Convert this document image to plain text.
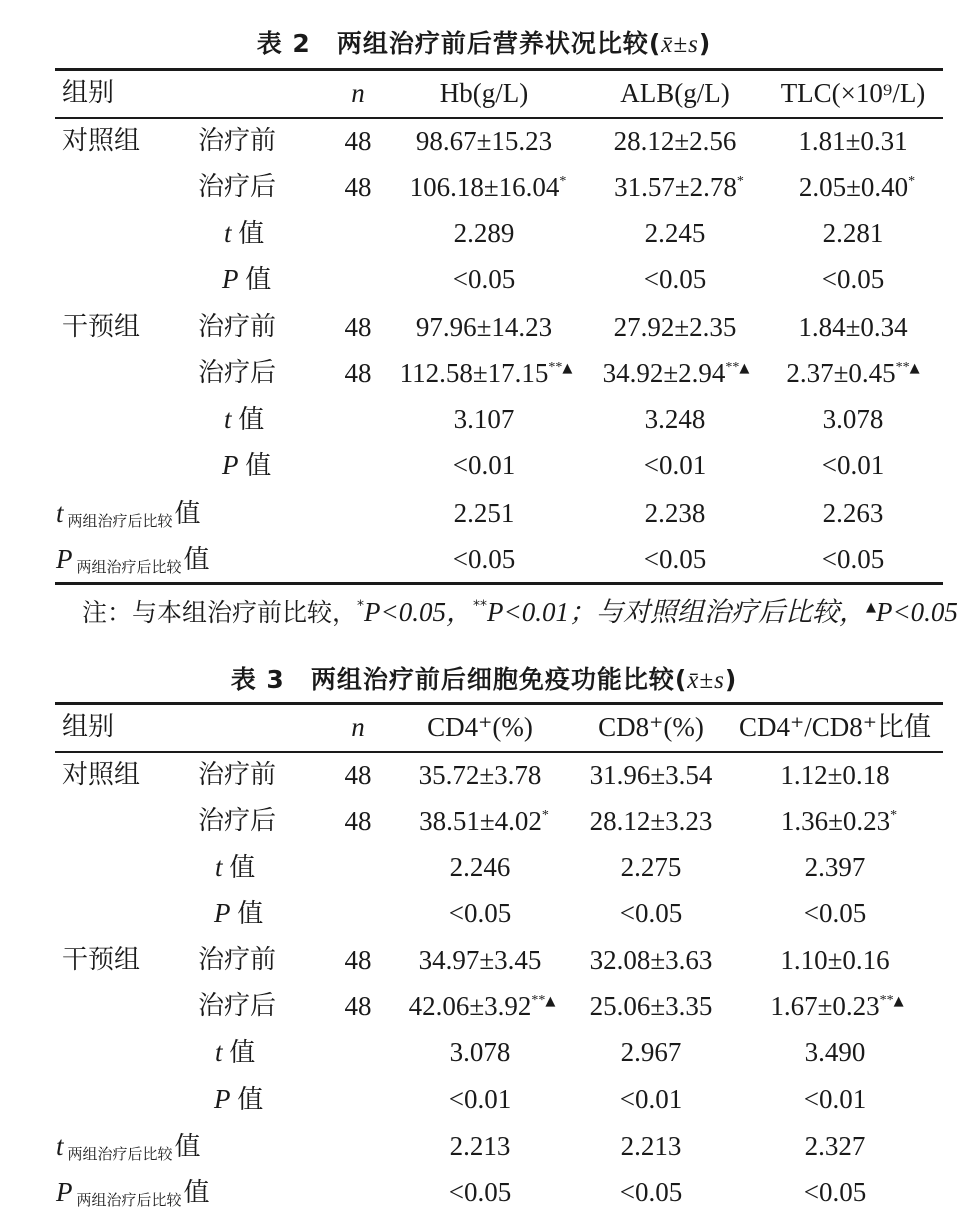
表 2 两组治疗前后营养状况比较(x̄±s)
组别	n	Hb(g/L)	ALB(g/L) TLC(×10⁹/L)
对照组 治疗前	48 98.67±15.23 28.12±2.56 1.81±0.31
治疗后	48 106.18±16.04* 31.57±2.78* 2.05±0.40*
t 值	2.289	2.245	2.281
P 值	<0.05	<0.05	<0.05
干预组 治疗前	48 97.96±14.23 27.92±2.35 1.84±0.34
治疗后	48 112.58±17.15**▲ 34.92±2.94**▲ 2.37±0.45**▲
t 值	3.107	3.248	3.078
P 值	<0.01	<0.01	<0.01
t $_{两组治疗后比较}$值	2.251	2.238	2.263
P $_{两组治疗后比较}$值	<0.05	<0.05	<0.05
注：与本组治疗前比较，*P<0.05，**P<0.01；与对照组治疗后比较，▲P<0.05
表 3 两组治疗前后细胞免疫功能比较(x̄±s)
组别	n CD4⁺(%) CD8⁺(%) CD4⁺/CD8⁺比值
对照组 治疗前	48 35.72±3.78 31.96±3.54	1.12±0.18
治疗后	48 38.51±4.02* 28.12±3.23	1.36±0.23*
t 值	2.246	2.275	2.397
P 值	<0.05	<0.05	<0.05
干预组 治疗前	48 34.97±3.45 32.08±3.63	1.10±0.16
治疗后	48 42.06±3.92**▲ 25.06±3.35 1.67±0.23**▲
t 值	3.078	2.967	3.490
P 值	<0.01	<0.01	<0.01
t $_{两组治疗后比较}$值	2.213	2.213	2.327
P $_{两组治疗后比较}$值	<0.05	<0.05	<0.05
